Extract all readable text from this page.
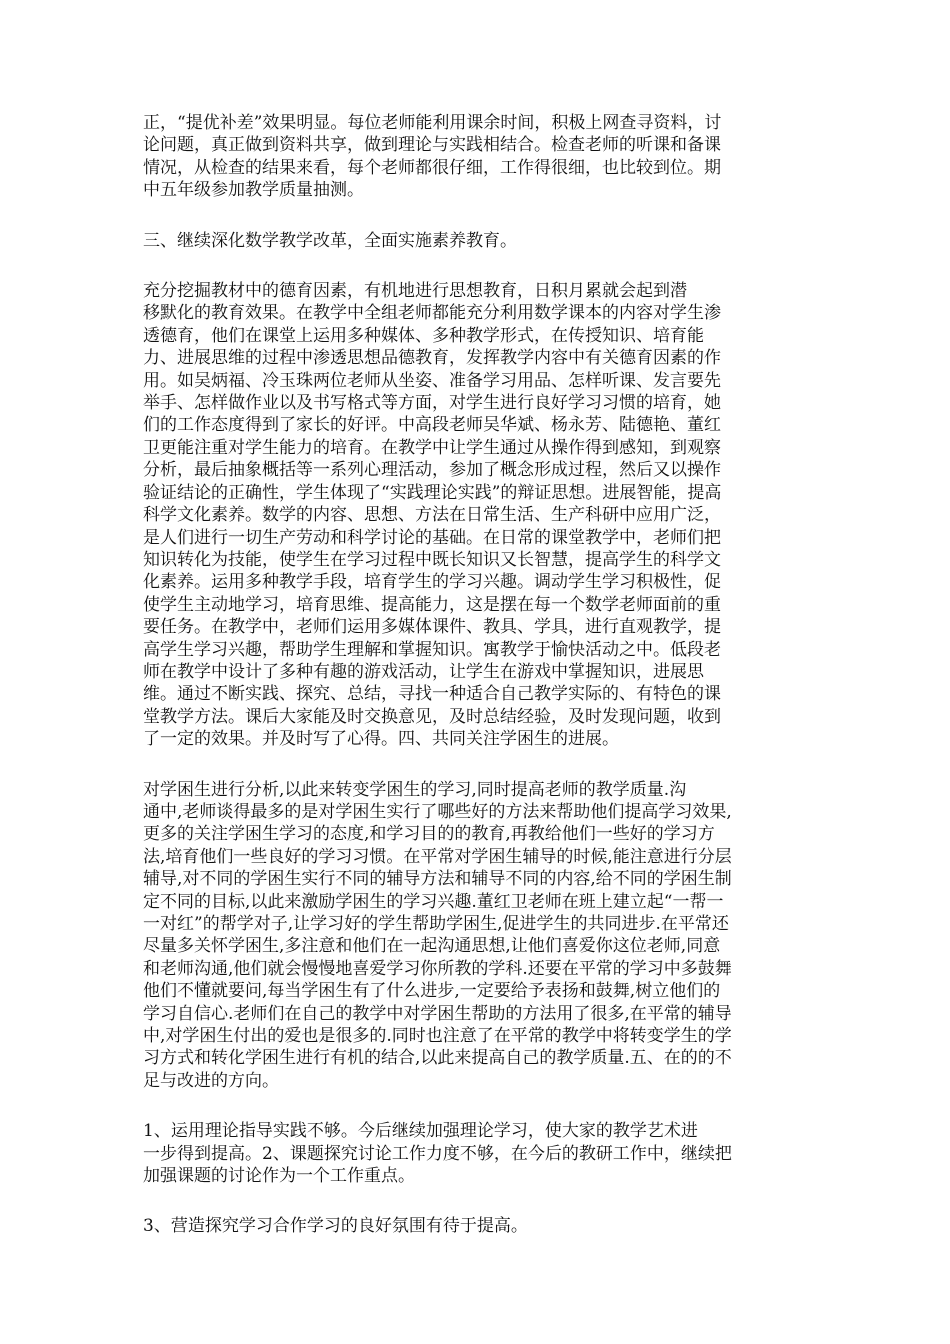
正，“提优补差”效果明显。每位老师能利用课余时间，积极上网查寻资料，讨
论问题，真正做到资料共享，做到理论与实践相结合。检查老师的听课和备课
情况，从检查的结果来看，每个老师都很仔细，工作得很细，也比较到位。期
中五年级参加教学质量抽测。

三、继续深化数学教学改革，全面实施素养教育。

充分挖掘教材中的德育因素，有机地进行思想教育，日积月累就会起到潜
移默化的教育效果。在教学中全组老师都能充分利用数学课本的内容对学生渗
透德育，他们在课堂上运用多种媒体、多种教学形式，在传授知识、培育能
力、进展思维的过程中渗透思想品德教育，发挥教学内容中有关德育因素的作
用。如吴炳福、冷玉珠两位老师从坐姿、准备学习用品、怎样听课、发言要先
举手、怎样做作业以及书写格式等方面，对学生进行良好学习习惯的培育，她
们的工作态度得到了家长的好评。中高段老师吴华斌、杨永芳、陆德艳、董红
卫更能注重对学生能力的培育。在教学中让学生通过从操作得到感知，到观察
分析，最后抽象概括等一系列心理活动，参加了概念形成过程，然后又以操作
验证结论的正确性，学生体现了“实践理论实践”的辩证思想。进展智能，提高
科学文化素养。数学的内容、思想、方法在日常生活、生产科研中应用广泛，
是人们进行一切生产劳动和科学讨论的基础。在日常的课堂教学中，老师们把
知识转化为技能，使学生在学习过程中既长知识又长智慧，提高学生的科学文
化素养。运用多种教学手段，培育学生的学习兴趣。调动学生学习积极性，促
使学生主动地学习，培育思维、提高能力，这是摆在每一个数学老师面前的重
要任务。在教学中，老师们运用多媒体课件、教具、学具，进行直观教学，提
高学生学习兴趣，帮助学生理解和掌握知识。寓教学于愉快活动之中。低段老
师在教学中设计了多种有趣的游戏活动，让学生在游戏中掌握知识，进展思
维。通过不断实践、探究、总结，寻找一种适合自己教学实际的、有特色的课
堂教学方法。课后大家能及时交换意见，及时总结经验，及时发现问题，收到
了一定的效果。并及时写了心得。四、共同关注学困生的进展。

对学困生进行分析,以此来转变学困生的学习,同时提高老师的教学质量.沟
通中,老师谈得最多的是对学困生实行了哪些好的方法来帮助他们提高学习效果,
更多的关注学困生学习的态度,和学习目的的教育,再教给他们一些好的学习方
法,培育他们一些良好的学习习惯。在平常对学困生辅导的时候,能注意进行分层
辅导,对不同的学困生实行不同的辅导方法和辅导不同的内容,给不同的学困生制
定不同的目标,以此来激励学困生的学习兴趣.董红卫老师在班上建立起“一帮一
一对红”的帮学对子,让学习好的学生帮助学困生,促进学生的共同进步.在平常还
尽量多关怀学困生,多注意和他们在一起沟通思想,让他们喜爱你这位老师,同意
和老师沟通,他们就会慢慢地喜爱学习你所教的学科.还要在平常的学习中多鼓舞
他们不懂就要问,每当学困生有了什么进步,一定要给予表扬和鼓舞,树立他们的
学习自信心.老师们在自己的教学中对学困生帮助的方法用了很多,在平常的辅导
中,对学困生付出的爱也是很多的.同时也注意了在平常的教学中将转变学生的学
习方式和转化学困生进行有机的结合,以此来提高自己的教学质量.五、在的的不
足与改进的方向。

1、运用理论指导实践不够。今后继续加强理论学习，使大家的教学艺术进
一步得到提高。2、课题探究讨论工作力度不够，在今后的教研工作中，继续把
加强课题的讨论作为一个工作重点。

3、营造探究学习合作学习的良好氛围有待于提高。
